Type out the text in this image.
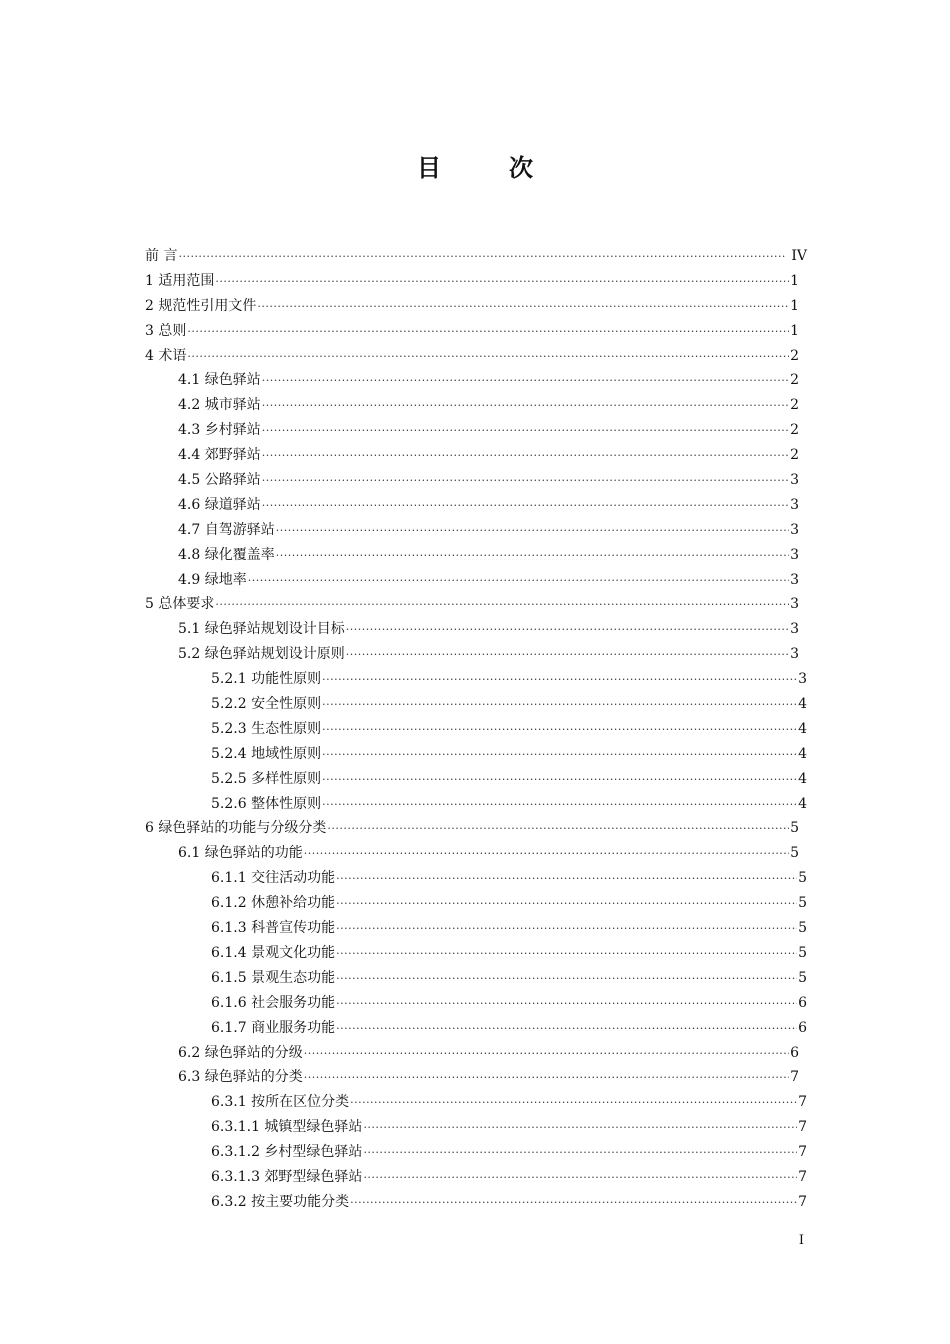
目　次
前 言 ·····	IV
1 适用范围 ·····	1
2 规范性引用文件 ·····	1
3 总则 ·····	1
4 术语 ·····	2
4.1 绿色驿站 ·····	2
4.2 城市驿站 ·····	2
4.3 乡村驿站 ·····	2
4.4 郊野驿站 ·····	2
4.5 公路驿站 ·····	3
4.6 绿道驿站 ·····	3
4.7 自驾游驿站 ·····	3
4.8 绿化覆盖率 ·····	3
4.9 绿地率 ·····	3
5 总体要求 ·····	3
5.1 绿色驿站规划设计目标 ·····	3
5.2 绿色驿站规划设计原则 ·····	3
5.2.1 功能性原则 ·····	3
5.2.2 安全性原则 ·····	4
5.2.3 生态性原则 ·····	4
5.2.4 地域性原则 ·····	4
5.2.5 多样性原则 ·····	4
5.2.6 整体性原则 ·····	4
6 绿色驿站的功能与分级分类 ·····	5
6.1 绿色驿站的功能 ·····	5
6.1.1 交往活动功能 ·····	5
6.1.2 休憩补给功能 ·····	5
6.1.3 科普宣传功能 ·····	5
6.1.4 景观文化功能 ·····	5
6.1.5 景观生态功能 ·····	5
6.1.6 社会服务功能 ·····	6
6.1.7 商业服务功能 ·····	6
6.2 绿色驿站的分级 ·····	6
6.3 绿色驿站的分类 ·····	7
6.3.1 按所在区位分类 ·····	7
6.3.1.1 城镇型绿色驿站 ·····	7
6.3.1.2 乡村型绿色驿站 ·····	7
6.3.1.3 郊野型绿色驿站 ·····	7
6.3.2 按主要功能分类 ·····	7
I
